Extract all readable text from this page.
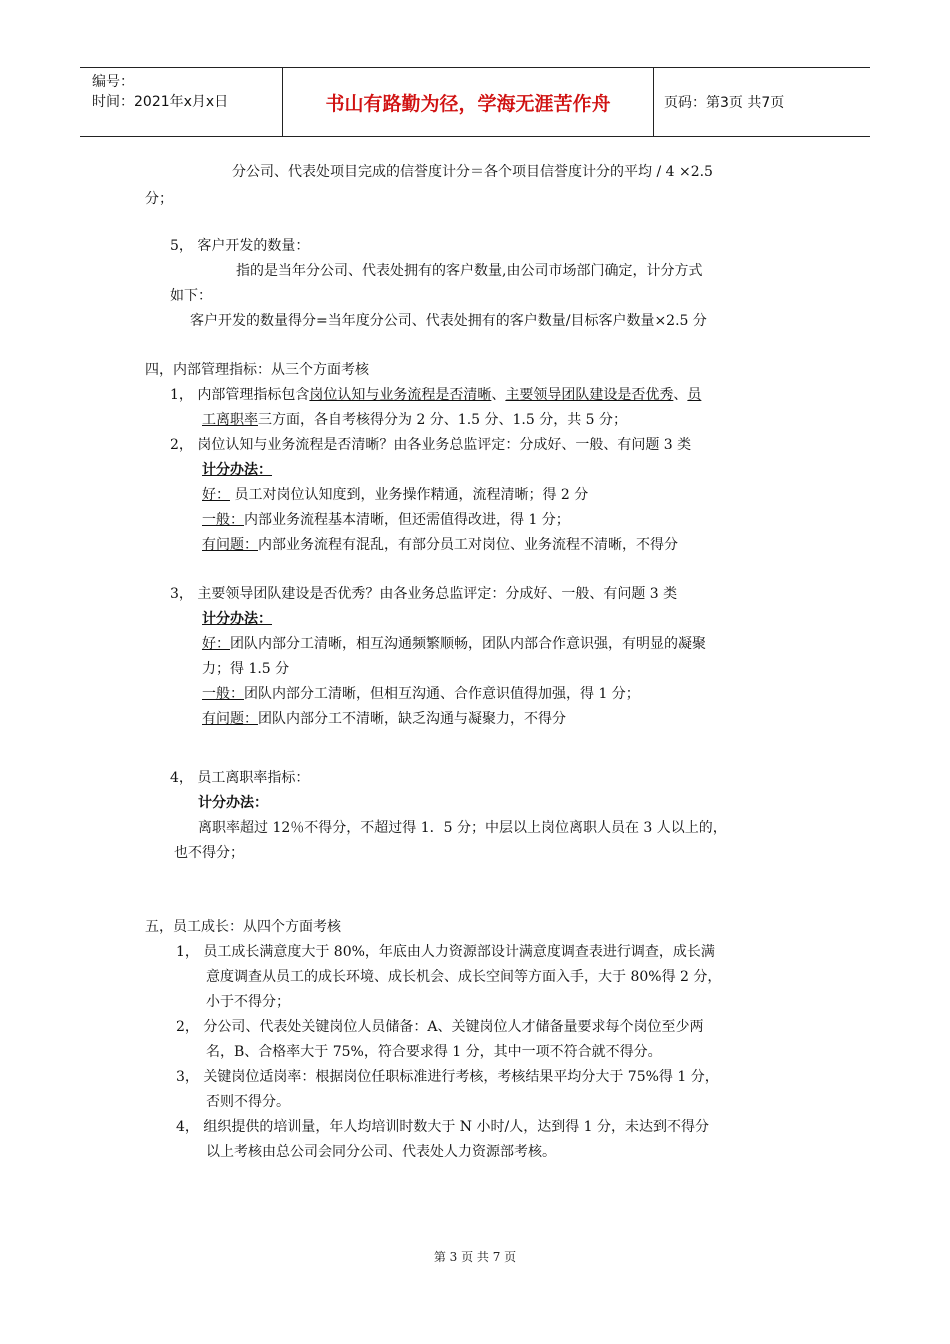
编号：
时间：2021年x月x日	书山有路勤为径，学海无涯苦作舟	页码：第3页 共7页
分公司、代表处项目完成的信誉度计分＝各个项目信誉度计分的平均 / 4 ×2.5
分；
5， 客户开发的数量：
指的是当年分公司、代表处拥有的客户数量,由公司市场部门确定，计分方式
如下：
客户开发的数量得分=当年度分公司、代表处拥有的客户数量/目标客户数量×2.5 分
四，内部管理指标：从三个方面考核
1， 内部管理指标包含岗位认知与业务流程是否清晰、主要领导团队建设是否优秀、员
工离职率三方面，各自考核得分为 2 分、1.5 分、1.5 分，共 5 分；
2， 岗位认知与业务流程是否清晰？由各业务总监评定：分成好、一般、有问题 3 类
计分办法：
好： 员工对岗位认知度到，业务操作精通，流程清晰；得 2 分
一般：内部业务流程基本清晰，但还需值得改进，得 1 分；
有问题：内部业务流程有混乱，有部分员工对岗位、业务流程不清晰，不得分
3， 主要领导团队建设是否优秀？由各业务总监评定：分成好、一般、有问题 3 类
计分办法：
好：团队内部分工清晰，相互沟通频繁顺畅，团队内部合作意识强，有明显的凝聚
力；得 1.5 分
一般：团队内部分工清晰，但相互沟通、合作意识值得加强，得 1 分；
有问题：团队内部分工不清晰，缺乏沟通与凝聚力，不得分
4， 员工离职率指标：
计分办法：
离职率超过 12％不得分，不超过得 1．5 分；中层以上岗位离职人员在 3 人以上的，
也不得分；
五，员工成长：从四个方面考核
1， 员工成长满意度大于 80%，年底由人力资源部设计满意度调查表进行调查，成长满
意度调查从员工的成长环境、成长机会、成长空间等方面入手，大于 80%得 2 分，
小于不得分；
2， 分公司、代表处关键岗位人员储备：A、关键岗位人才储备量要求每个岗位至少两
名，B、合格率大于 75%，符合要求得 1 分，其中一项不符合就不得分。
3， 关键岗位适岗率：根据岗位任职标准进行考核，考核结果平均分大于 75%得 1 分，
否则不得分。
4， 组织提供的培训量，年人均培训时数大于 N 小时/人，达到得 1 分，未达到不得分
以上考核由总公司会同分公司、代表处人力资源部考核。
第 3 页 共 7 页
